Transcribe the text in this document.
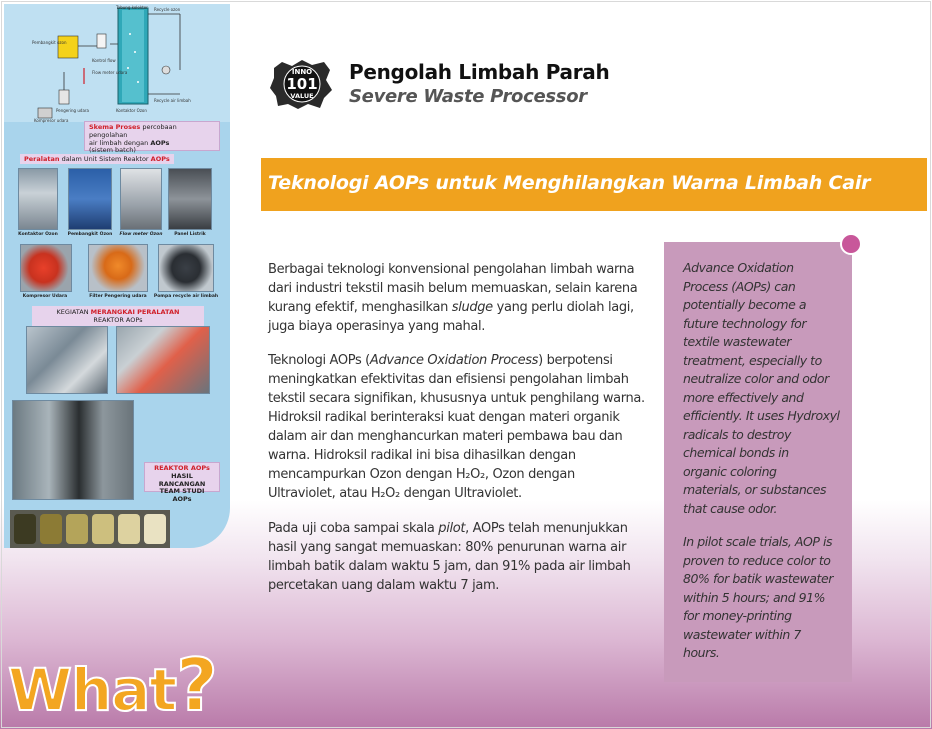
Tabung kolektor Recycle ozon
Pembangkit ozon
Kontrol flow
Flow meter udara
Recycle air limbah
Pengering udara	Kontaktor Ozon
Kompresor udara
Skema Proses percobaan pengolahan
air limbah dengan AOPs
(sistem batch)
Peralatan dalam Unit Sistem Reaktor AOPs
Kontaktor Ozon	Pembangkit Ozon	Flow meter Ozon	Panel Listrik
Kompresor Udara	Filter Pengering udara	Pompa recycle air limbah
KEGIATAN MERANGKAI PERALATAN
REAKTOR AOPs
REAKTOR AOPs
HASIL RANCANGAN
TEAM STUDI AOPs
INNO
101
VALUE
Pengolah Limbah Parah
Severe Waste Processor
Teknologi AOPs untuk Menghilangkan Warna Limbah Cair

Berbagai teknologi konvensional pengolahan limbah warna

dari industri tekstil masih belum memuaskan, selain karena

kurang efektif, menghasilkan sludge yang perlu diolah lagi,

juga biaya operasinya yang mahal.

Teknologi AOPs (Advance Oxidation Process) berpotensi

meningkatkan efektivitas dan efisiensi pengolahan limbah

tekstil secara signifikan, khususnya untuk penghilang warna.

Hidroksil radikal berinteraksi kuat dengan materi organik

dalam air dan menghancurkan materi pembawa bau dan

warna. Hidroksil radikal ini bisa dihasilkan dengan

mencampurkan Ozon dengan H₂O₂, Ozon dengan

Ultraviolet, atau H₂O₂ dengan Ultraviolet.

Pada uji coba sampai skala pilot, AOPs telah menunjukkan

hasil yang sangat memuaskan: 80% penurunan warna air

limbah batik dalam waktu 5 jam, dan 91% pada air limbah

percetakan uang dalam waktu 7 jam.

Advance Oxidation

Process (AOPs) can

potentially become a

future technology for

textile wastewater

treatment, especially to

neutralize color and odor

more effectively and

efficiently. It uses Hydroxyl

radicals to destroy

chemical bonds in

organic coloring

materials, or substances

that cause odor.

In pilot scale trials, AOP is

proven to reduce color to

80% for batik wastewater

within 5 hours; and 91%

for money-printing

wastewater within 7

hours.

What?
